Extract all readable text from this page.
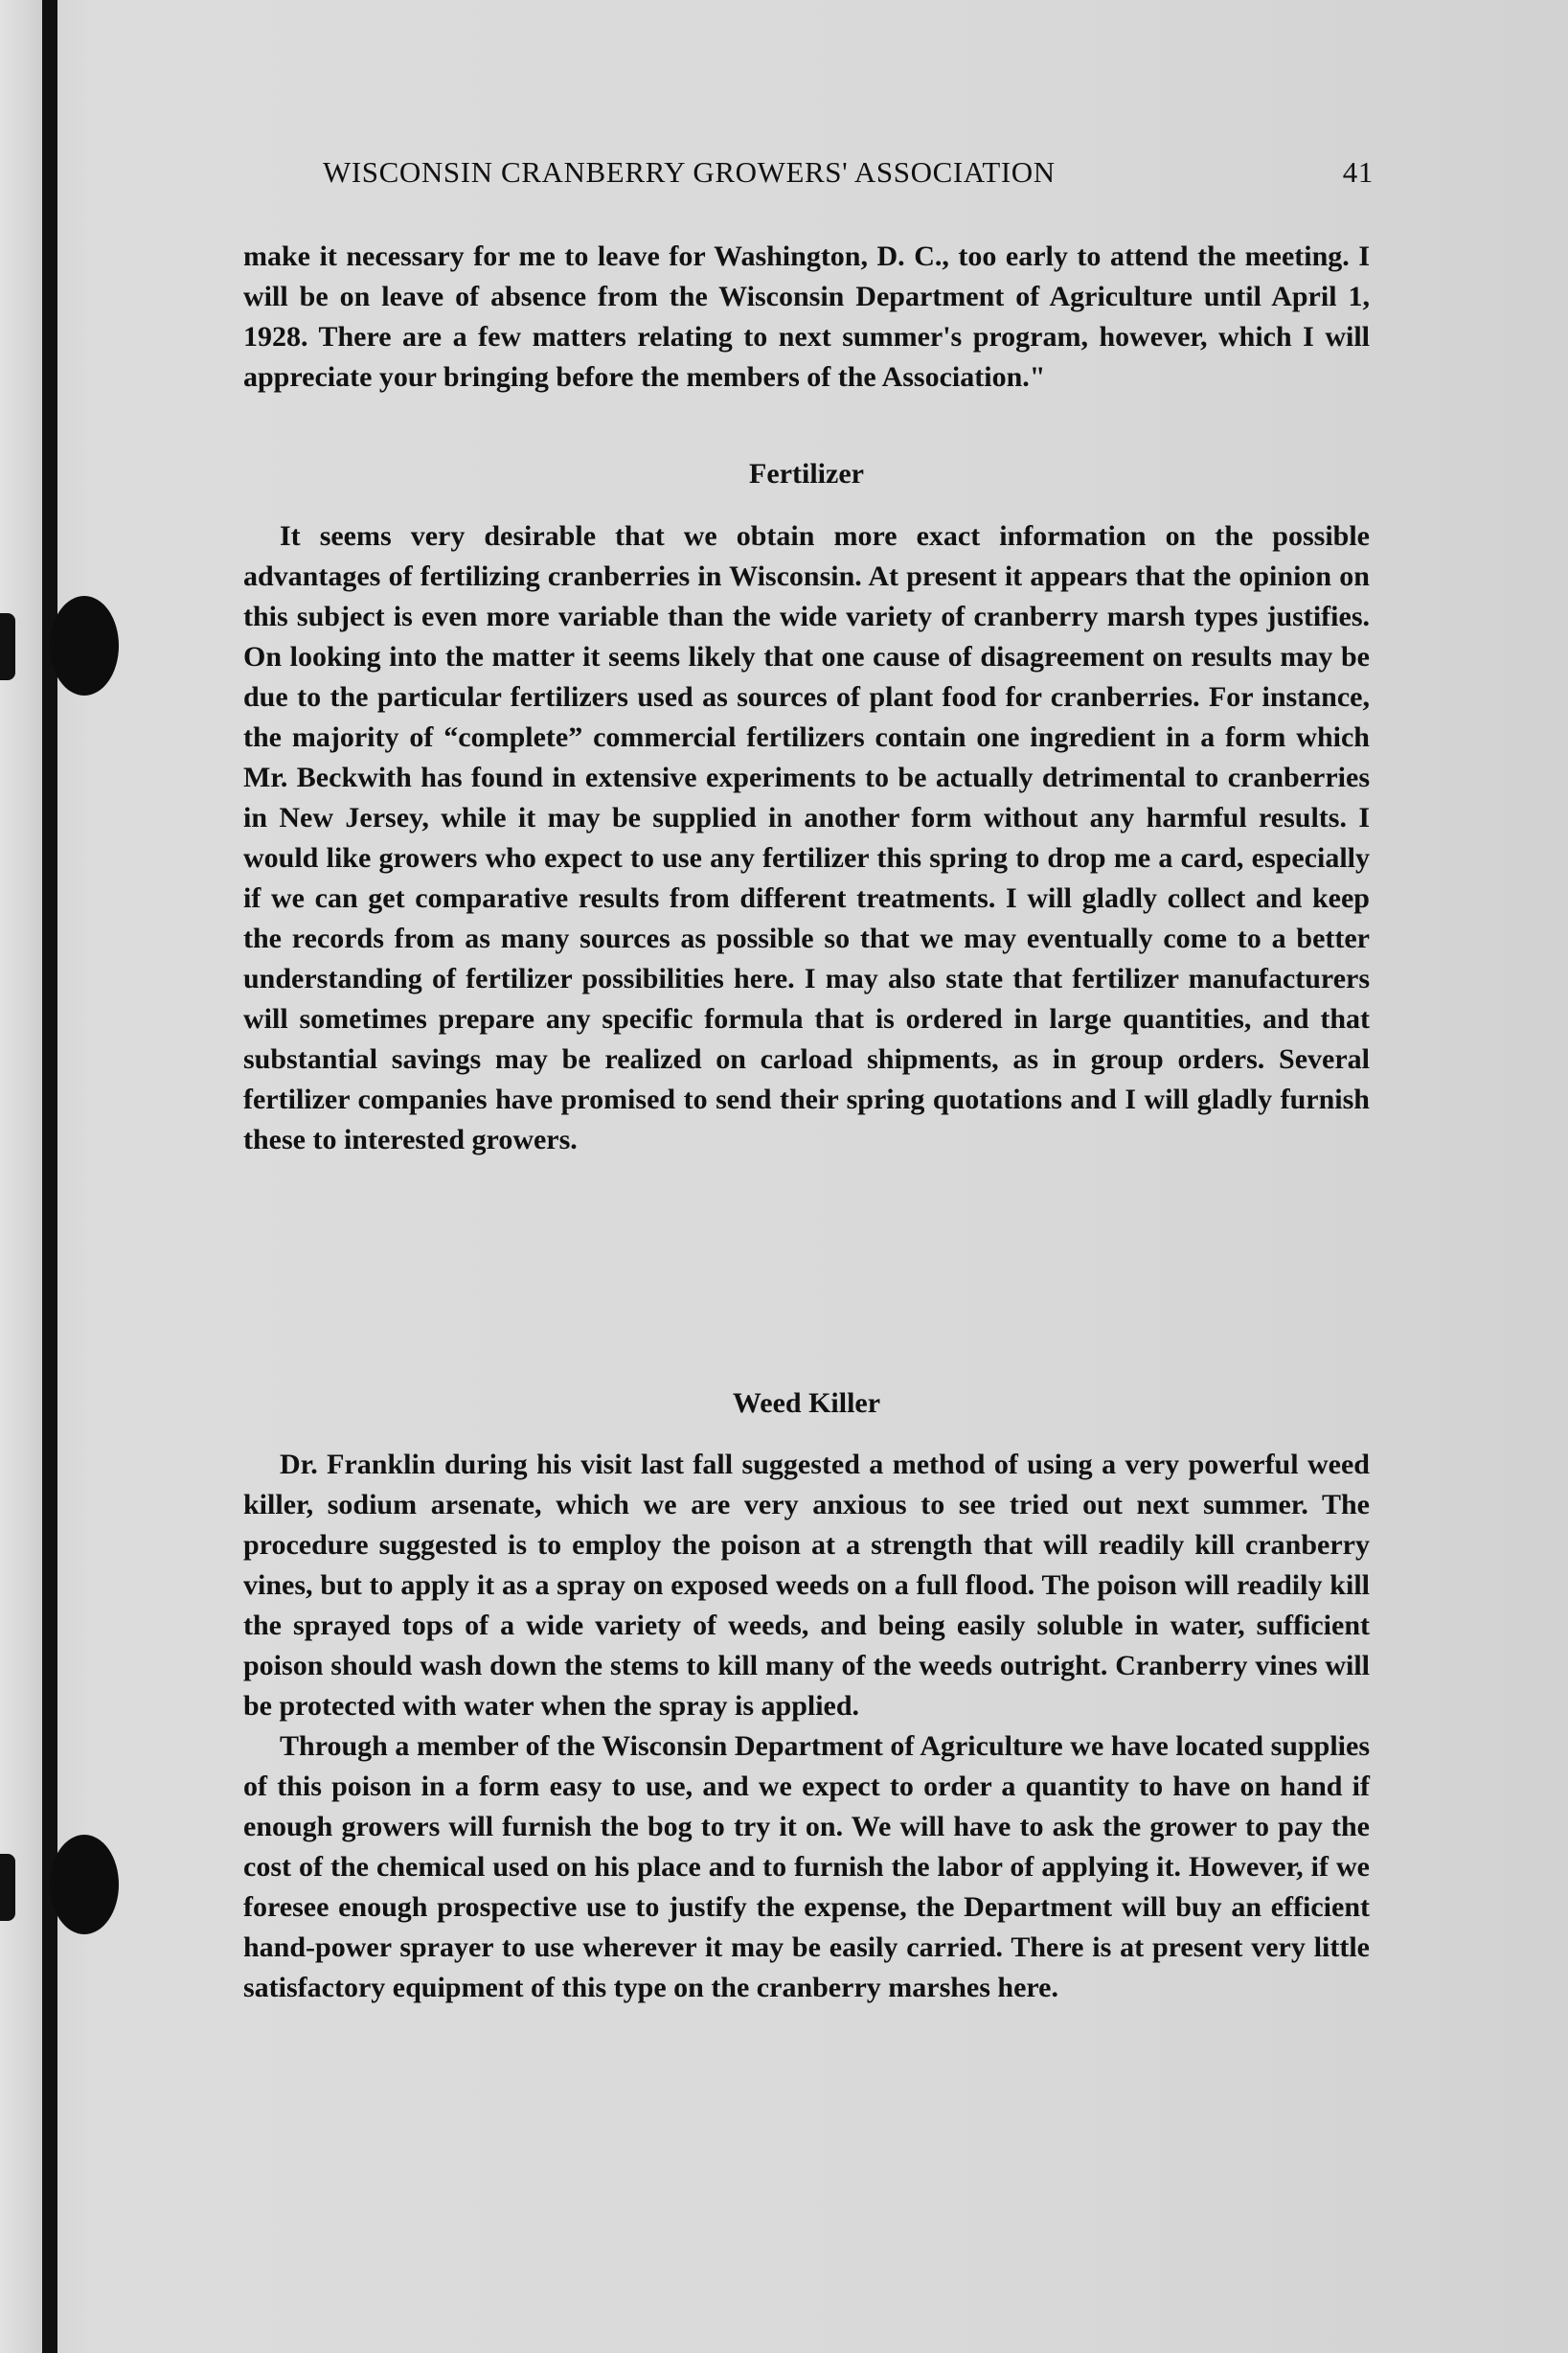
WISCONSIN CRANBERRY GROWERS' ASSOCIATION	41

make it necessary for me to leave for Washington, D. C., too early to attend the meeting. I will be on leave of absence from the Wisconsin Department of Agriculture until April 1, 1928. There are a few matters relating to next summer's program, however, which I will appreciate your bringing before the members of the Association."

Fertilizer

It seems very desirable that we obtain more exact information on the possible advantages of fertilizing cranberries in Wisconsin. At present it appears that the opinion on this subject is even more variable than the wide variety of cranberry marsh types justifies. On looking into the matter it seems likely that one cause of disagreement on results may be due to the particular fertilizers used as sources of plant food for cranberries. For instance, the majority of “complete” commercial fertilizers contain one ingredient in a form which Mr. Beckwith has found in extensive experiments to be actually detrimental to cranberries in New Jersey, while it may be supplied in another form without any harmful results. I would like growers who expect to use any fertilizer this spring to drop me a card, especially if we can get comparative results from different treatments. I will gladly collect and keep the records from as many sources as possible so that we may eventually come to a better understanding of fertilizer possibilities here. I may also state that fertilizer manufacturers will sometimes prepare any specific formula that is ordered in large quantities, and that substantial savings may be realized on carload shipments, as in group orders. Several fertilizer companies have promised to send their spring quotations and I will gladly furnish these to interested growers.

Weed Killer

Dr. Franklin during his visit last fall suggested a method of using a very powerful weed killer, sodium arsenate, which we are very anxious to see tried out next summer. The procedure suggested is to employ the poison at a strength that will readily kill cranberry vines, but to apply it as a spray on exposed weeds on a full flood. The poison will readily kill the sprayed tops of a wide variety of weeds, and being easily soluble in water, sufficient poison should wash down the stems to kill many of the weeds outright. Cranberry vines will be protected with water when the spray is applied.

Through a member of the Wisconsin Department of Agriculture we have located supplies of this poison in a form easy to use, and we expect to order a quantity to have on hand if enough growers will furnish the bog to try it on. We will have to ask the grower to pay the cost of the chemical used on his place and to furnish the labor of applying it. However, if we foresee enough prospective use to justify the expense, the Department will buy an efficient hand-power sprayer to use wherever it may be easily carried. There is at present very little satisfactory equipment of this type on the cranberry marshes here.
